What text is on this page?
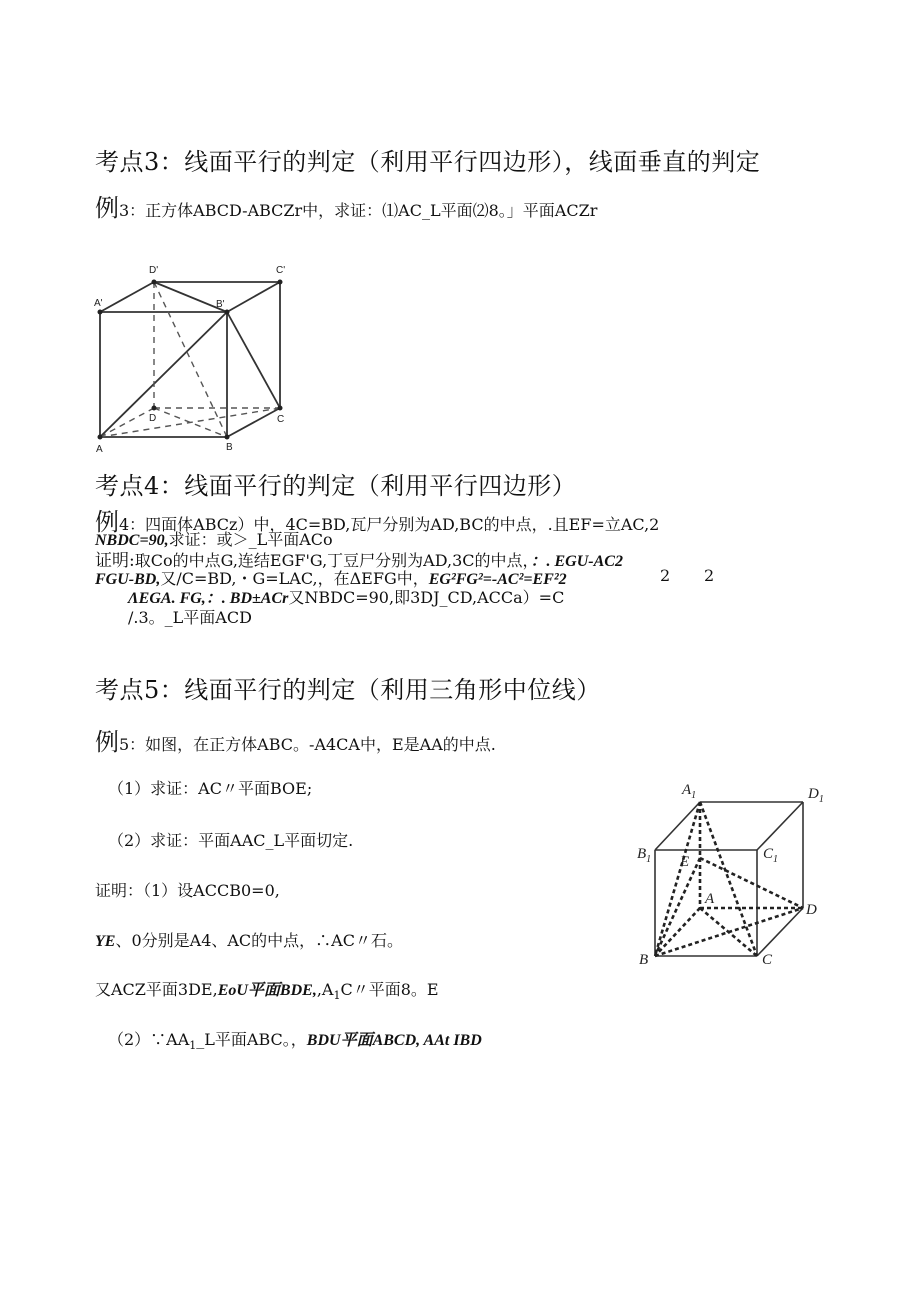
考点3：线面平行的判定（利用平行四边形），线面垂直的判定
例3：正方体ABCD-ABCZr中，求证：⑴AC_L平面⑵8。」平面ACZr
D'	C'
A'	B'
D	C
A	B
考点4：线面平行的判定（利用平行四边形）
例4：四面体ABCz）中，4C=BD,瓦尸分别为AD,BC的中点，.且EF=立AC,2
NBDC=90,求证：或＞_L平面ACo
证明:取Co的中点G,连结EGF'G,丁豆尸分别为AD,3C的中点，：. EGU-AC2
FGU-BD,又/C=BD,・G=LAC,，在ΔEFG中，EG²FG²=-AC²=EF²2	2 2
ΛEGA. FG,：. BD±ACr又NBDC=90,即3DJ_CD,ACCa）=C
/.3。_L平面ACD
考点5：线面平行的判定（利用三角形中位线）
例5：如图，在正方体ABC。-A4CA中，E是AA的中点.
（1）求证：AC〃平面BOE;
（2）求证：平面AAC_L平面切定.
证明：（1）设ACCB0=0,
YE、0分别是A4、AC的中点，∴AC〃石。
又ACZ平面3DE,EoU平面$BDE,,A_1C$〃平面8。E
$(2)\because AA_1\_L$平面ABC。，BDU平面ABCD, AAt IBD
$A_1$	$D_1$
$B_1$	$C_1$
E
A
D
B	C
